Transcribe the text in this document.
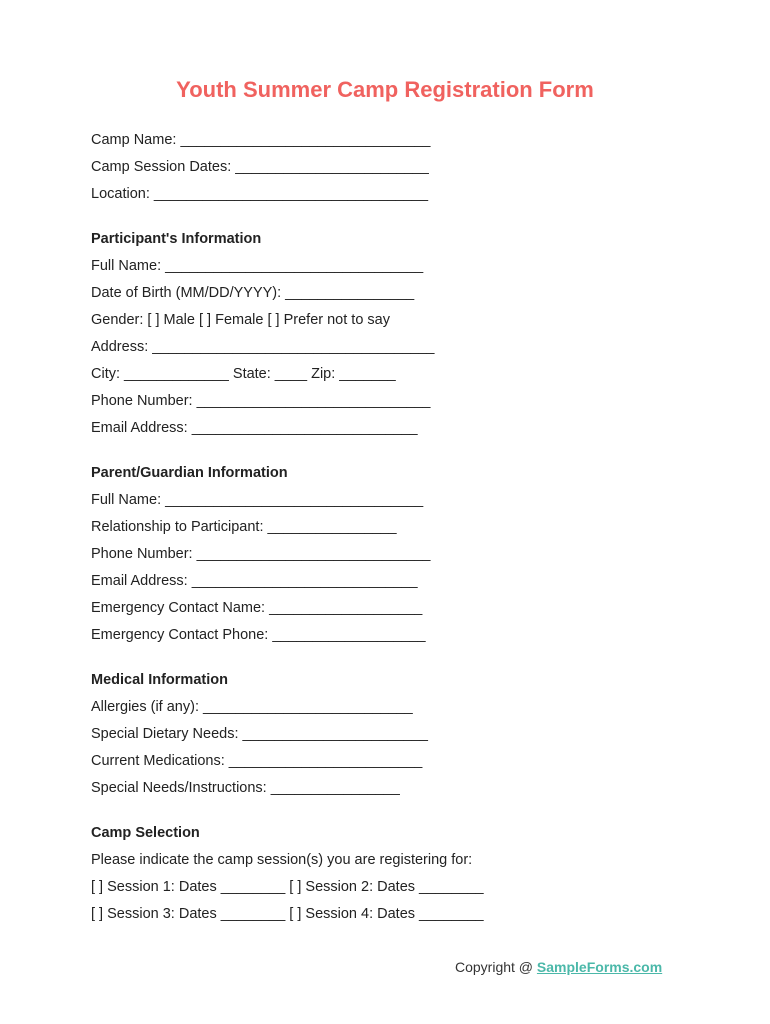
Youth Summer Camp Registration Form
Camp Name: _______________________________
Camp Session Dates: ________________________
Location: __________________________________
Participant's Information
Full Name: ________________________________
Date of Birth (MM/DD/YYYY): ________________
Gender: [ ] Male [ ] Female [ ] Prefer not to say
Address: ___________________________________
City: _____________ State: ____ Zip: _______
Phone Number: _____________________________
Email Address: ____________________________
Parent/Guardian Information
Full Name: ________________________________
Relationship to Participant: ________________
Phone Number: _____________________________
Email Address: ____________________________
Emergency Contact Name: ___________________
Emergency Contact Phone: ___________________
Medical Information
Allergies (if any): __________________________
Special Dietary Needs: _______________________
Current Medications: ________________________
Special Needs/Instructions: ________________
Camp Selection
Please indicate the camp session(s) you are registering for:
[ ] Session 1: Dates ________ [ ] Session 2: Dates ________
[ ] Session 3: Dates ________ [ ] Session 4: Dates ________
Copyright @ SampleForms.com
